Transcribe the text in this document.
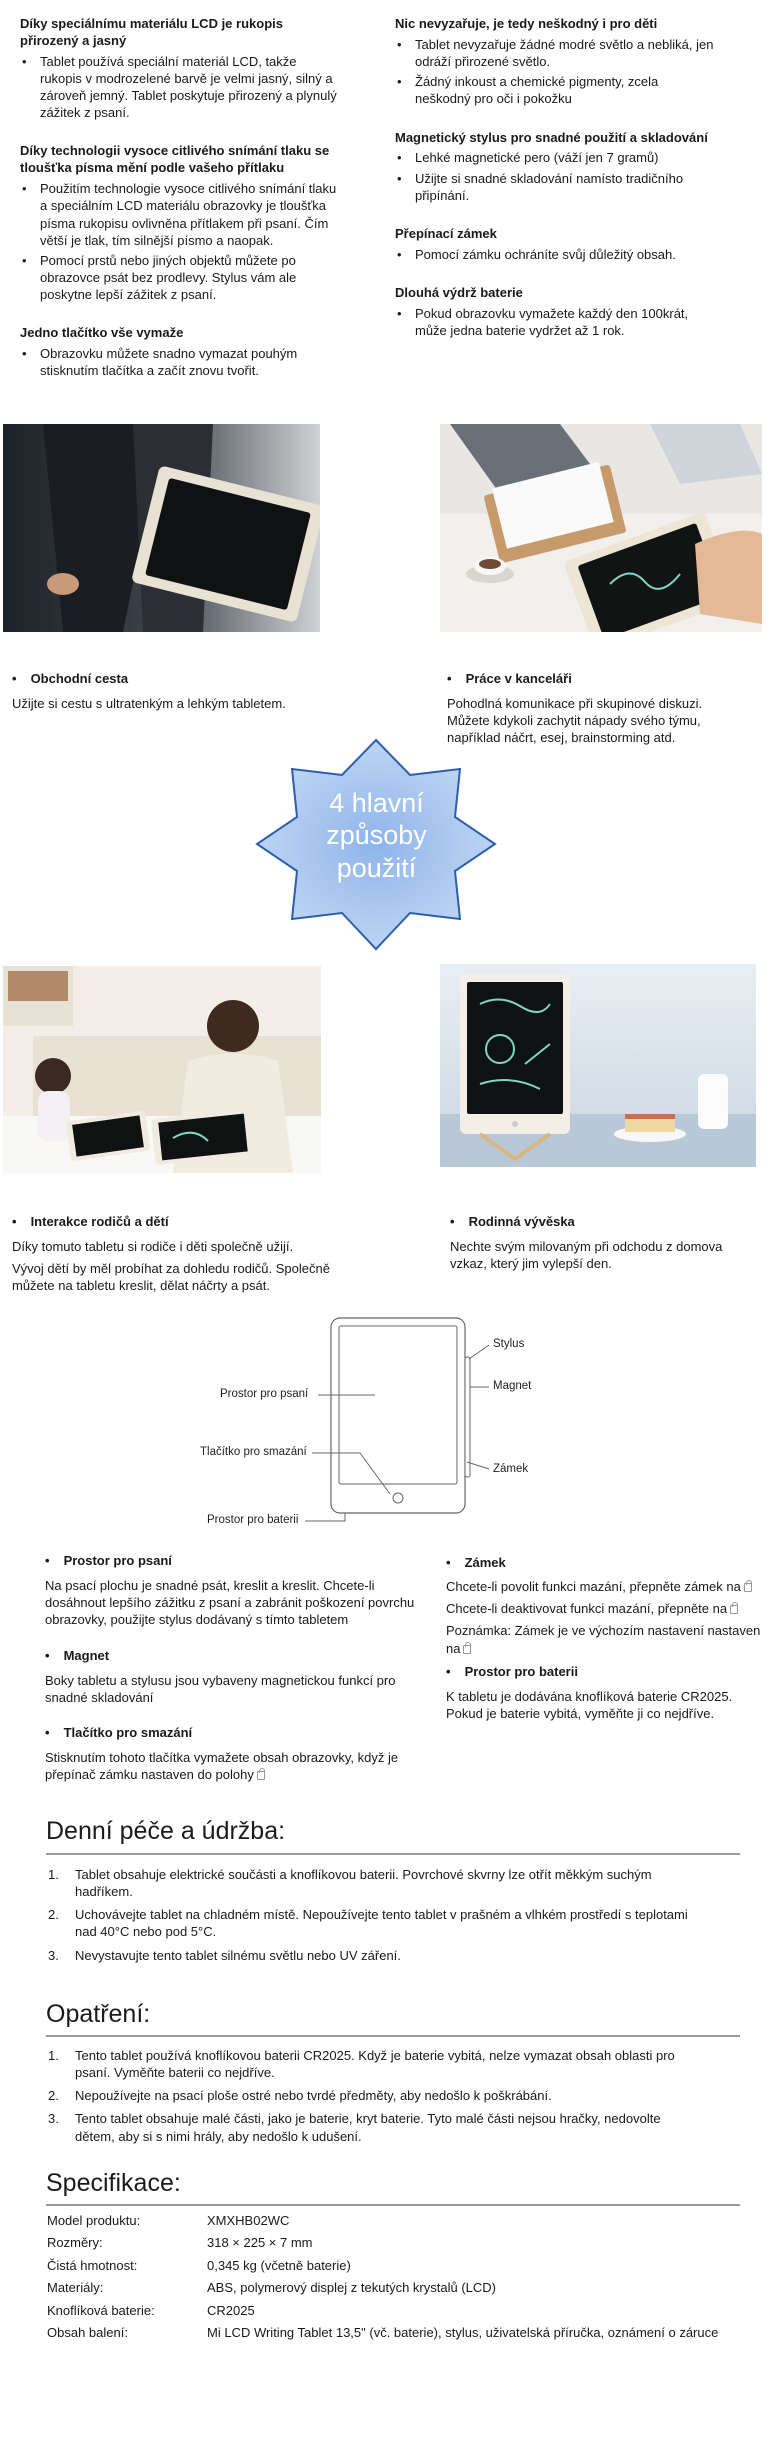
Díky speciálnímu materiálu LCD je rukopis přirozený a jasný
• Tablet používá speciální materiál LCD, takže rukopis v modrozelené barvě je velmi jasný, silný a zároveň jemný. Tablet poskytuje přirozený a plynulý zážitek z psaní.
Díky technologii vysoce citlivého snímání tlaku se tloušťka písma mění podle vašeho přítlaku
• Použitím technologie vysoce citlivého snímání tlaku a speciálním LCD materiálu obrazovky je tloušťka písma rukopisu ovlivněna přítlakem při psaní. Čím větší je tlak, tím silnější písmo a naopak.
• Pomocí prstů nebo jiných objektů můžete po obrazovce psát bez prodlevy. Stylus vám ale poskytne lepší zážitek z psaní.
Jedno tlačítko vše vymaže
• Obrazovku můžete snadno vymazat pouhým stisknutím tlačítka a začít znovu tvořit.
Nic nevyzařuje, je tedy neškodný i pro děti
• Tablet nevyzařuje žádné modré světlo a nebliká, jen odráží přirozené světlo.
• Žádný inkoust a chemické pigmenty, zcela neškodný pro oči i pokožku
Magnetický stylus pro snadné použití a skladování
• Lehké magnetické pero (váží jen 7 gramů)
• Užijte si snadné skladování namísto tradičního připínání.
Přepínací zámek
• Pomocí zámku ochráníte svůj důležitý obsah.
Dlouhá výdrž baterie
• Pokud obrazovku vymažete každý den 100krát, může jedna baterie vydržet až 1 rok.
• Obchodní cesta
Užijte si cestu s ultratenkým a lehkým tabletem.
• Práce v kanceláři
Pohodlná komunikace při skupinové diskuzi. Můžete kdykoli zachytit nápady svého týmu, například náčrt, esej, brainstorming atd.
4 hlavní způsoby použití
• Interakce rodičů a dětí
Díky tomuto tabletu si rodiče i děti společně užijí.
Vývoj dětí by měl probíhat za dohledu rodičů. Společně můžete na tabletu kreslit, dělat náčrty a psát.
• Rodinná vývěska
Nechte svým milovaným při odchodu z domova vzkaz, který jim vylepší den.
Prostor pro psaní
Tlačítko pro smazání
Prostor pro baterii
Stylus
Magnet
Zámek
• Prostor pro psaní
Na psací plochu je snadné psát, kreslit a kreslit. Chcete-li dosáhnout lepšího zážitku z psaní a zabránit poškození povrchu obrazovky, použijte stylus dodávaný s tímto tabletem
• Magnet
Boky tabletu a stylusu jsou vybaveny magnetickou funkcí pro snadné skladování
• Tlačítko pro smazání
Stisknutím tohoto tlačítka vymažete obsah obrazovky, když je přepínač zámku nastaven do polohy
• Zámek
Chcete-li povolit funkci mazání, přepněte zámek na
Chcete-li deaktivovat funkci mazání, přepněte na
Poznámka: Zámek je ve výchozím nastavení nastaven na
• Prostor pro baterii
K tabletu je dodávána knoflíková baterie CR2025. Pokud je baterie vybitá, vyměňte ji co nejdříve.
Denní péče a údržba:
1. Tablet obsahuje elektrické součásti a knoflíkovou baterii. Povrchové skvrny lze otřít měkkým suchým hadříkem.
2. Uchovávejte tablet na chladném místě. Nepoužívejte tento tablet v prašném a vlhkém prostředí s teplotami nad 40°C nebo pod 5°C.
3. Nevystavujte tento tablet silnému světlu nebo UV záření.
Opatření:
1. Tento tablet používá knoflíkovou baterii CR2025. Když je baterie vybitá, nelze vymazat obsah oblasti pro psaní. Vyměňte baterii co nejdříve.
2. Nepoužívejte na psací ploše ostré nebo tvrdé předměty, aby nedošlo k poškrábání.
3. Tento tablet obsahuje malé části, jako je baterie, kryt baterie. Tyto malé části nejsou hračky, nedovolte dětem, aby si s nimi hrály, aby nedošlo k udušení.
Specifikace:
Model produktu:	XMXHB02WC
Rozměry:	318 × 225 × 7 mm
Čistá hmotnost:	0,345 kg (včetně baterie)
Materiály:	ABS, polymerový displej z tekutých krystalů (LCD)
Knoflíková baterie:	CR2025
Obsah balení:	Mi LCD Writing Tablet 13,5" (vč. baterie), stylus, uživatelská příručka, oznámení o záruce
